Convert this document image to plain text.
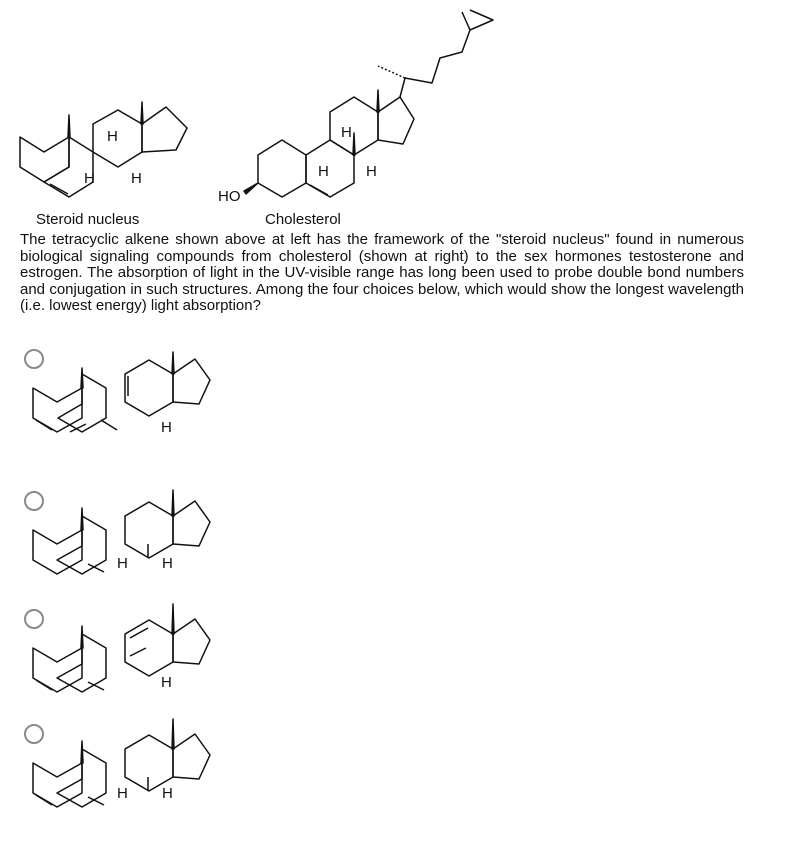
H
H H
H
H H
HO
Steroid nucleus	Cholesterol
The tetracyclic alkene shown above at left has the framework of the "steroid nucleus" found in numerous biological signaling compounds from cholesterol (shown at right) to the sex hormones testosterone and estrogen. The absorption of light in the UV-visible range has long been used to probe double bond numbers and conjugation in such structures. Among the four choices below, which would show the longest wavelength (i.e. lowest energy) light absorption?
H
H H
H
H H
